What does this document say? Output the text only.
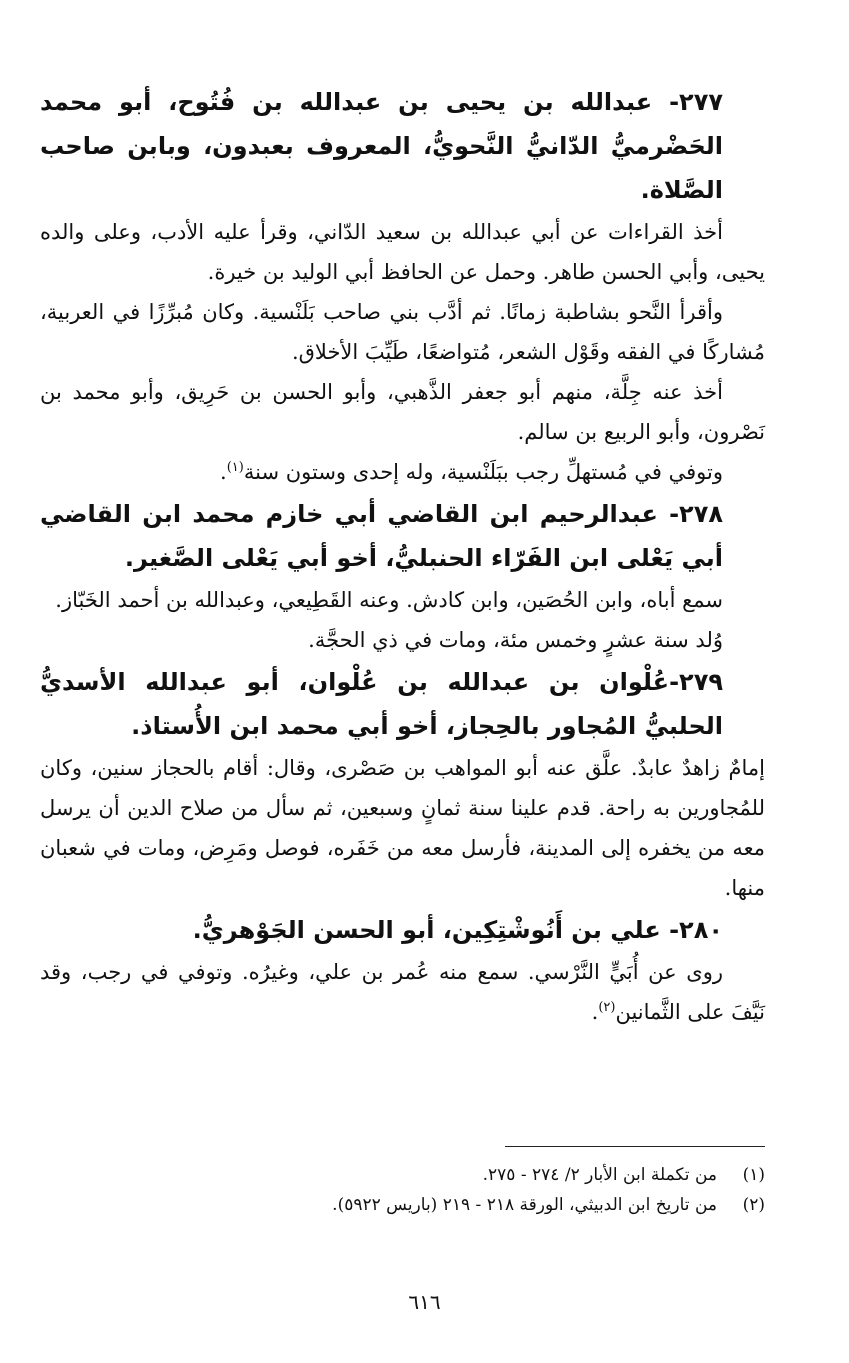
٢٧٧- عبدالله بن يحيى بن عبدالله بن فُتُوح، أبو محمد الحَضْرميُّ الدّانيُّ النَّحويُّ، المعروف بعبدون، وبابن صاحب الصَّلاة.

أخذ القراءات عن أبي عبدالله بن سعيد الدّاني، وقرأ عليه الأدب، وعلى والده يحيى، وأبي الحسن طاهر. وحمل عن الحافظ أبي الوليد بن خيرة.

وأقرأ النَّحو بشاطبة زمانًا. ثم أدَّب بني صاحب بَلَنْسية. وكان مُبرِّزًا في العربية، مُشاركًا في الفقه وقَوْل الشعر، مُتواضعًا، طَيِّبَ الأخلاق.

أخذ عنه جِلَّة، منهم أبو جعفر الذَّهبي، وأبو الحسن بن حَرِيق، وأبو محمد بن نَصْرون، وأبو الربيع بن سالم.

وتوفي في مُستهلِّ رجب ببَلَنْسية، وله إحدى وستون سنة$^{(١)}$.

٢٧٨- عبدالرحيم ابن القاضي أبي خازم محمد ابن القاضي أبي يَعْلى ابن الفَرّاء الحنبليُّ، أخو أبي يَعْلى الصَّغير.

سمع أباه، وابن الحُصَين، وابن كادش. وعنه القَطِيعي، وعبدالله بن أحمد الخَبّاز.

وُلد سنة عشرٍ وخمس مئة، ومات في ذي الحجَّة.

٢٧٩-عُلْوان بن عبدالله بن عُلْوان، أبو عبدالله الأسديُّ الحلبيُّ المُجاور بالحِجاز، أخو أبي محمد ابن الأُستاذ.

إمامٌ زاهدٌ عابدٌ. علَّق عنه أبو المواهب بن صَصْرى، وقال: أقام بالحجاز سنين، وكان للمُجاورين به راحة. قدم علينا سنة ثمانٍ وسبعين، ثم سأل من صلاح الدين أن يرسل معه من يخفره إلى المدينة، فأرسل معه من خَفَره، فوصل ومَرِض، ومات في شعبان منها.

٢٨٠- علي بن أَنُوشْتِكِين، أبو الحسن الجَوْهريُّ.

روى عن أُبَيٍّ النَّرْسي. سمع منه عُمر بن علي، وغيرُه. وتوفي في رجب، وقد نَيَّفَ على الثَّمانين$^{(٢)}$.

(١)من تكملة ابن الأبار ٢/ ٢٧٤ - ٢٧٥.

(٢)من تاريخ ابن الدبيثي، الورقة ٢١٨ - ٢١٩ (باريس ٥٩٢٢).

٦١٦
